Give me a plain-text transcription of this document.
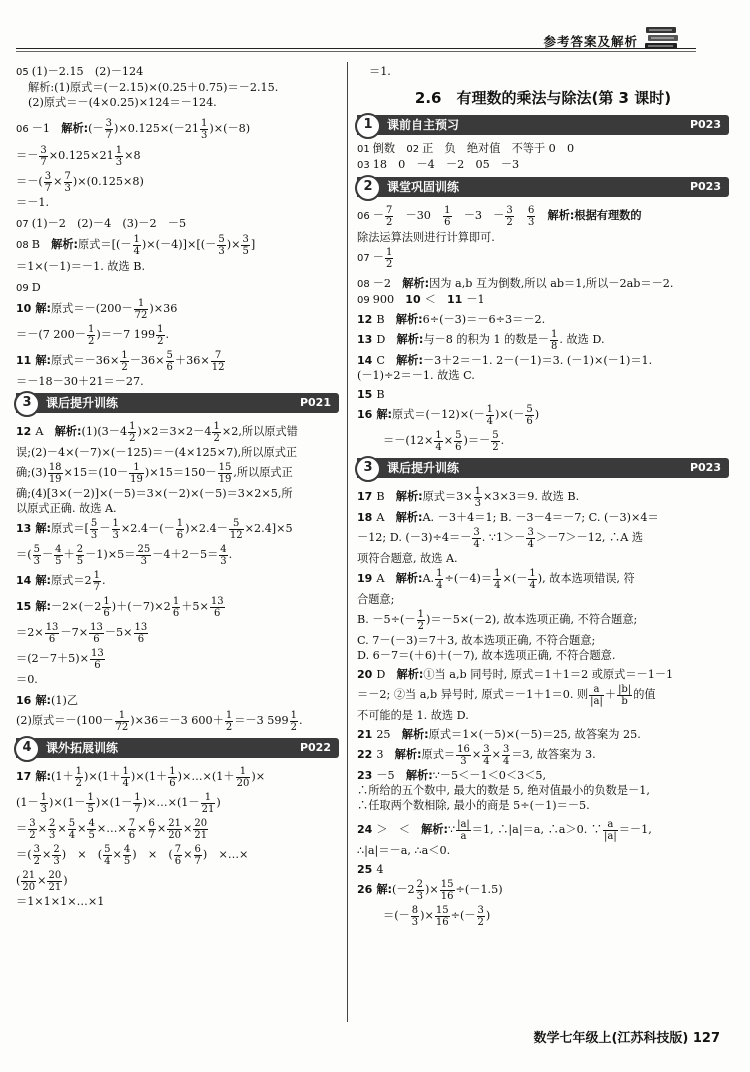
参考答案及解析
05 (1)－2.15　(2)－124
解析:(1)原式＝(－2.15)×(0.25＋0.75)＝－2.15.
(2)原式＝－(4×0.25)×124＝－124.
06 －1　 解析:(－ $\frac{3}{7} )\times 0.125\times(-21 \frac{1}{3} )\times(-8)$
＝－ $\frac{3}{7} \times 0.125\times 21 \frac{1}{3} \times 8$
＝－( $\frac{3}{7} \times \frac{7}{3} )\times(0.125\times 8)$
＝－1.
07 (1)－2　(2)－4　(3)－2　－5
08 B　 解析:原式＝[(－ $\frac{1}{4} )\times(-4)]\times[(- \frac{5}{3}$ )× $\frac{3}{5}$ ]
＝1×(－1)＝－1. 故选 B.
09 D
10 解:原式$=-(200- \frac{1}{72} )\times 36$
＝－(7 $200- \frac{1}{2} )=-7$ $199 \frac{1}{2}$ .
11 解:原式$=-36\times \frac{1}{2} -36\times \frac{5}{6} +36\times \frac{7}{12}$
＝－18－30＋21＝－27.
3	课后提升训练	P021
12 A　 解析:(1)(3－4 $\frac{1}{2} )\times 2=3\times 2-4 \frac{1}{2} \times 2$,所以原式错
误;(2)－4×(－7)×(－125)＝－(4×125×7),所以原式正
确;(3) $\frac{18}{19} \times 15=(10- \frac{1}{19} )\times 15=150- \frac{15}{19}$ ,所以原式正
确;(4)[3×(－2)]×(－5)＝3×(－2)×(－5)＝3×2×5,所
以原式正确. 故选 A.
13 解:原式＝[ $\frac{5}{3} - \frac{1}{3} \times 2.4-(- \frac{1}{6} )\times 2.4- \frac{5}{12} \times 2.4]\times 5$
＝( $\frac{5}{3} - \frac{4}{5} + \frac{2}{5} -1)\times 5= \frac{25}{3} -4+2-5= \frac{4}{3}$ .
14 解:原式$=2 \frac{1}{7}$ .
15 解:－2×(－2 $\frac{1}{6} )+(-7)\times 2 \frac{1}{6} +5\times \frac{13}{6}$
$=2\times \frac{13}{6} -7\times \frac{13}{6} -5\times \frac{13}{6}$
$=(2-7+5)\times \frac{13}{6}$
＝0.
16 解:(1)乙
(2)原式$=-(100- \frac{1}{72} )\times 36=-3$ $600+ \frac{1}{2} =-3$ $599 \frac{1}{2}$ .
4	课外拓展训练	P022
17 解:(1＋ $\frac{1}{2} )\times(1+ \frac{1}{4} )\times(1+ \frac{1}{6}$ )×…×(1＋ $\frac{1}{20}$ )×
$(1- \frac{1}{3} )\times(1- \frac{1}{5} )\times(1- \frac{1}{7}$ )×…×(1－ $\frac{1}{21}$ )
＝ $\frac{3}{2} \times \frac{2}{3} \times \frac{5}{4} \times \frac{4}{5}$ ×…× $\frac{7}{6} \times \frac{6}{7} \times \frac{21}{20} \times \frac{20}{21}$
＝( $\frac{3}{2} \times \frac{2}{3}$ )　×　( $\frac{5}{4} \times \frac{4}{5}$ )　×　( $\frac{7}{6} \times \frac{6}{7}$ )　×…×
( $\frac{21}{20} \times \frac{20}{21}$ )
＝1×1×1×…×1
＝1.
2.6　有理数的乘法与除法(第 3 课时)
1	课前自主预习	P023
01 倒数　 02 正　负　绝对值　不等于 0　0
03 18　0　－4　－2　05　－3
2	课堂巩固训练	P023
$06 - \frac{7}{2}$ 　－30　 $\frac{1}{6}$ 　－3　－ $\frac{3}{2}$
　 $\frac{6}{3}$
　 解析:根据有理数的
除法运算法则进行计算即可.
$07 - \frac{1}{2}$
08 －2　 解析:因为 a,b 互为倒数,所以 ab＝1,所以－2ab＝－2.
09 900　 10 ＜　 11 －1
12 B　 解析:6÷(－3)＝－6÷3＝－2.
13 D　 解析:与－8 的积为 1 的数是－ $\frac{1}{8}$ . 故选 D.
14 C　 解析:－3＋2＝－1. 2－(－1)＝3. (－1)×(－1)＝1.
(－1)÷2＝－1. 故选 C.
15 B
16 解:原式$=(-12)\times(- \frac{1}{4}$ )×(－ $\frac{5}{6}$ )
$=-(12\times \frac{1}{4} \times \frac{5}{6}$ )＝－ $\frac{5}{2}$ .
3	课后提升训练	P023
17 B　 解析:原式$=3\times \frac{1}{3} \times 3\times 3=9$. 故选 B.
18 A　 解析:A. －3＋4＝1; B. －3－4＝－7; C. (－3)×4＝
－12; D. $(-3)\div 4=- \frac{3}{4}$ . ∵1＞－ $\frac{3}{4} >-7>-12$, ∴A 选
项符合题意, 故选 A.
19 A　 解析:A. $\frac{1}{4} \div(-4)= \frac{1}{4}$ ×(－ $\frac{1}{4}$ ), 故本选项错误, 符
合题意;
B. $-5\div(- \frac{1}{2} )=-5\times(-2)$, 故本选项正确, 不符合题意;
C. 7－(－3)＝7＋3, 故本选项正确, 不符合题意;
D. 6－7＝(＋6)＋(－7), 故本选项正确, 不符合题意.
20 D　 解析:①当 a,b 同号时, 原式＝1＋1＝2 或原式＝－1－1
＝－2; ②当 a,b 异号时, 原式＝－1＋1＝0. 则 $\frac{a}{|a|} + \frac{|b|}{b}$ 的值
不可能的是 1. 故选 D.
21 25　 解析:原式＝1×(－5)×(－5)＝25, 故答案为 25.
22 3　 解析:原式＝ $\frac{16}{3} \times \frac{3}{4} \times \frac{3}{4} =3$, 故答案为 3.
23 －5　 解析:∵－5＜－1＜0＜3＜5,
∴所给的五个数中, 最大的数是 5, 绝对值最小的负数是－1,
∴任取两个数相除, 最小的商是 5÷(－1)＝－5.
24 ＞　＜　 解析:∵ $\frac{|a|}{a} =1$, ∴|a|＝a, ∴a＞0. ∵ $\frac{a}{|a|} =-1$,
∴|a|＝－a, ∴a＜0.
25 4
26 解:(－2 $\frac{2}{3}$ )× $\frac{15}{16} \div(-1.5)$
＝(－ $\frac{8}{3}$ )× $\frac{15}{16}$ ÷(－ $\frac{3}{2}$ )
数学七年级上(江苏科技版) 127
